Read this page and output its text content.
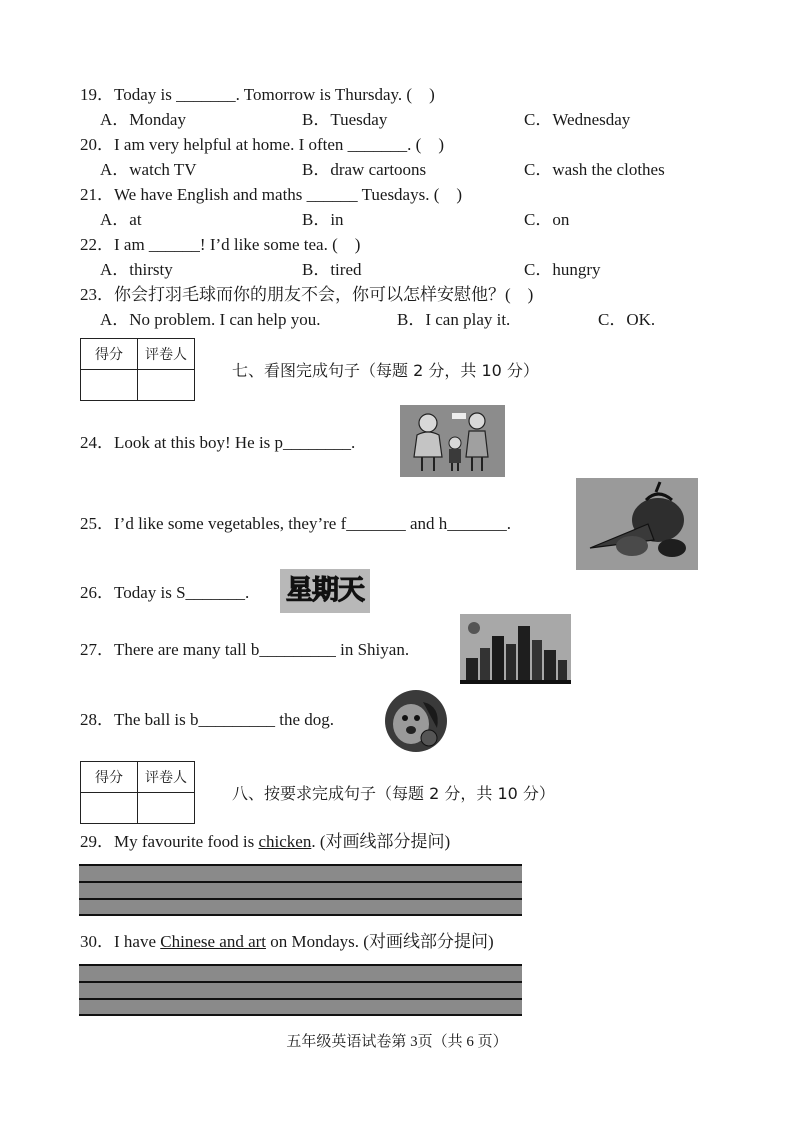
19．Today is _______. Tomorrow is Thursday. (　)
A．Monday	B．Tuesday	C．Wednesday
20．I am very helpful at home. I often _______. (　)
A．watch TV	B．draw cartoons	C．wash the clothes
21．We have English and maths ______ Tuesdays. (　)
A．at	B．in	C．on
22．I am ______! I’d like some tea. (　)
A．thirsty	B．tired	C．hungry
23．你会打羽毛球而你的朋友不会，你可以怎样安慰他？(　)
A．No problem. I can help you.	B．I can play it.	C．OK.
得分	评卷人

七、看图完成句子（每题 2 分，共 10 分）
24．Look at this boy! He is p________.
25．I’d like some vegetables, they’re f_______ and h_______.
26．Today is S_______. 星期天
27．There are many tall b_________ in Shiyan.
28．The ball is b_________ the dog.
得分	评卷人

八、按要求完成句子（每题 2 分，共 10 分）
29．My favourite food is chicken. (对画线部分提问)
30．I have Chinese and art on Mondays. (对画线部分提问)
五年级英语试卷第 3页（共 6 页）
